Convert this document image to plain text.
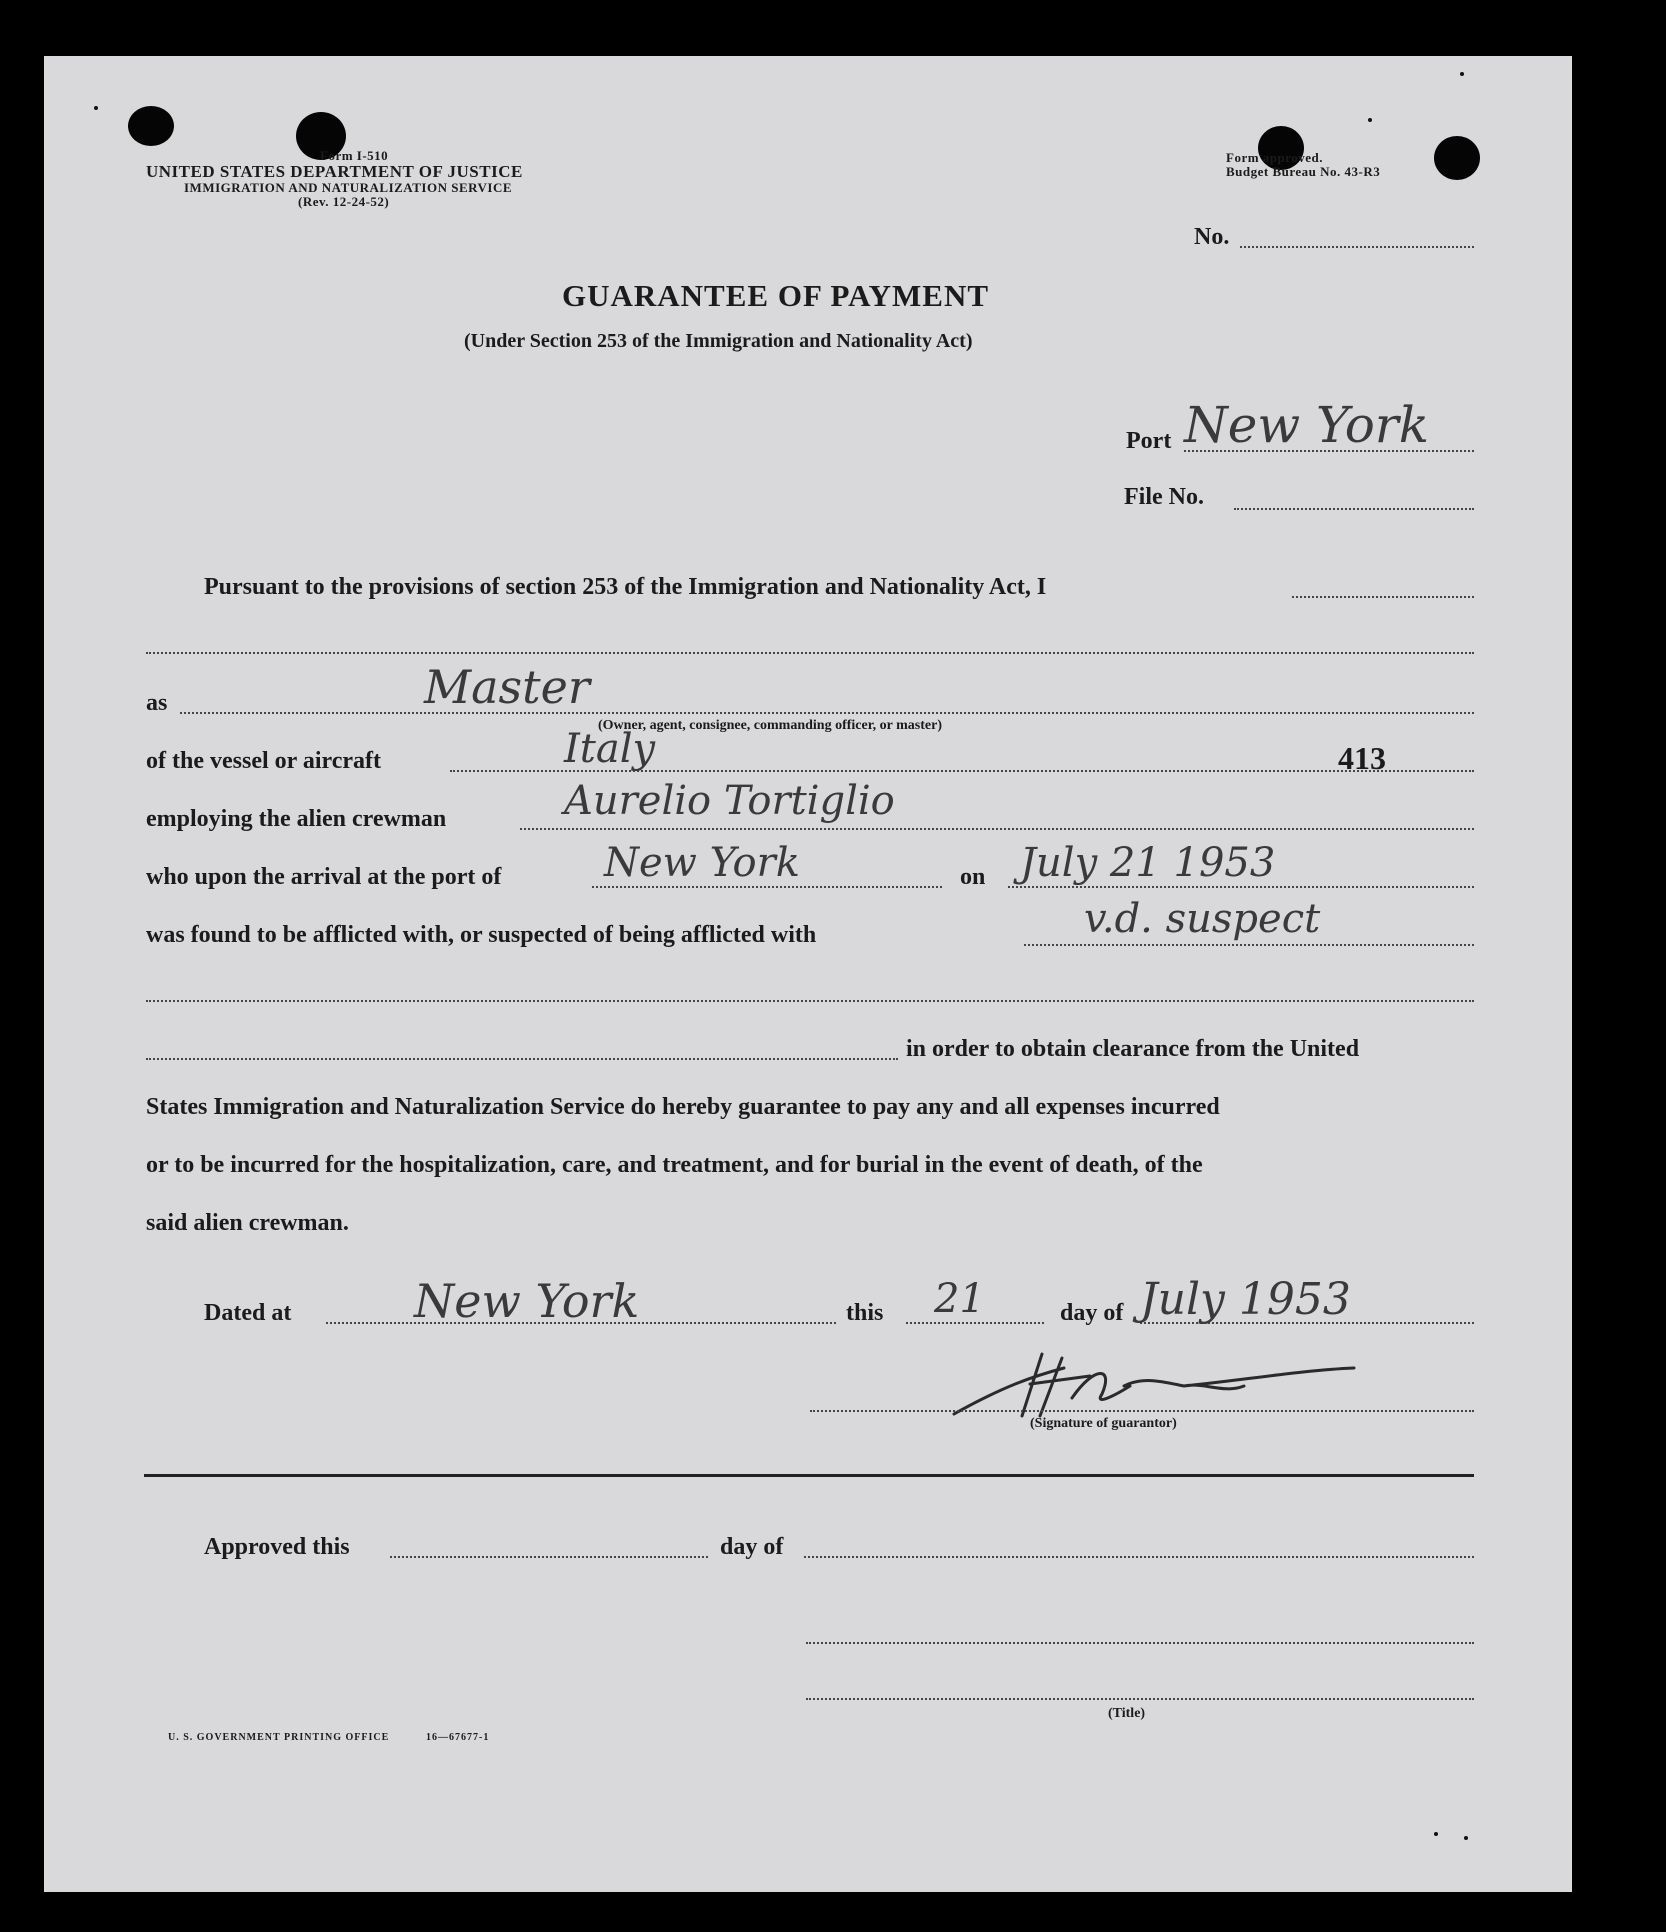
Form I-510
UNITED STATES DEPARTMENT OF JUSTICE
IMMIGRATION AND NATURALIZATION SERVICE
(Rev. 12-24-52)
Form approved.
Budget Bureau No. 43-R3
No.
GUARANTEE OF PAYMENT
(Under Section 253 of the Immigration and Nationality Act)
Port New York
File No.
Pursuant to the provisions of section 253 of the Immigration and Nationality Act, I
as	Master
(Owner, agent, consignee, commanding officer, or master)
of the vessel or aircraft	Italy	413
employing the alien crewman	Aurelio Tortiglio
who upon the arrival at the port of	New York	on July 21 1953
was found to be afflicted with, or suspected of being afflicted with	v.d. suspect
in order to obtain clearance from the United
States Immigration and Naturalization Service do hereby guarantee to pay any and all expenses incurred
or to be incurred for the hospitalization, care, and treatment, and for burial in the event of death, of the
said alien crewman.
Dated at	New York	this 21	day of July 1953
(Signature of guarantor)
Approved this	day of
(Title)
U. S. GOVERNMENT PRINTING OFFICE	16—67677-1
